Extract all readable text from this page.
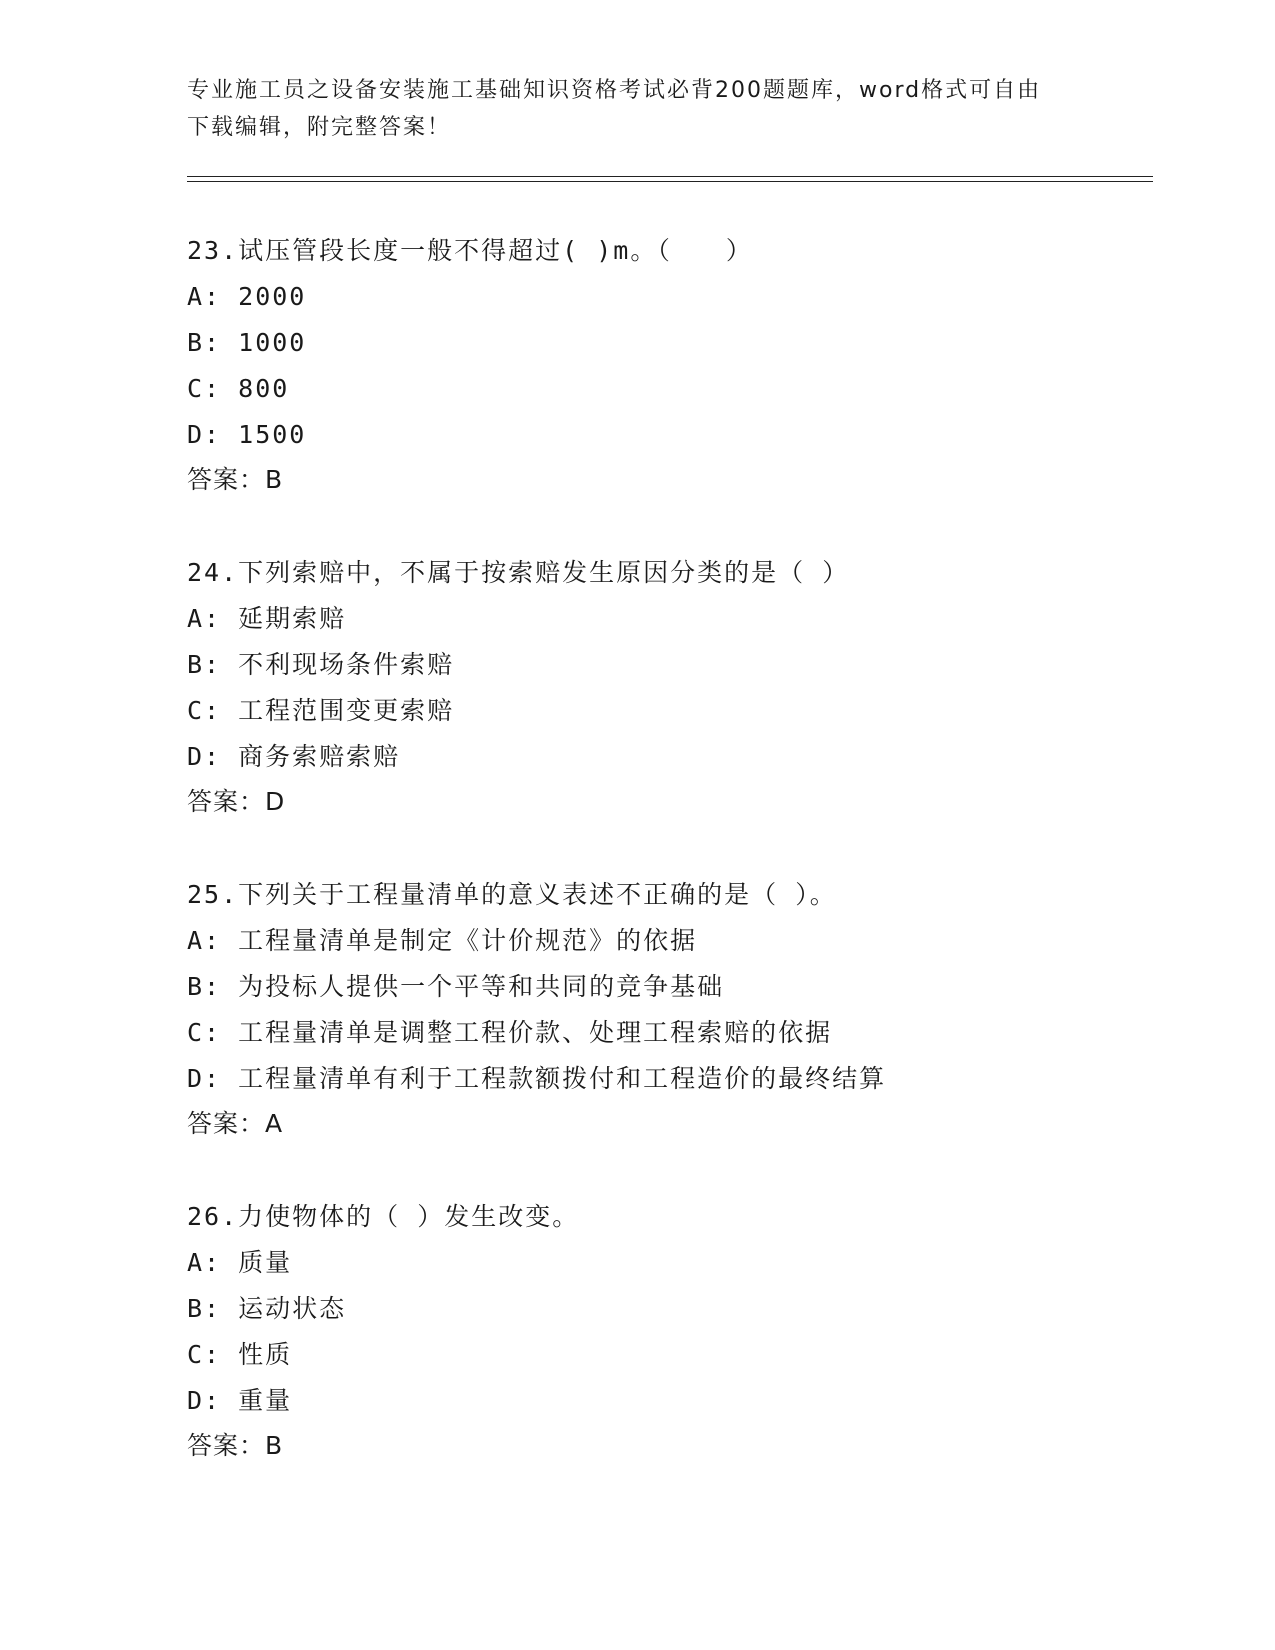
专业施工员之设备安装施工基础知识资格考试必背200题题库，word格式可自由
下载编辑，附完整答案！
23.试压管段长度一般不得超过( )m。（　　）
A: 2000
B: 1000
C: 800
D: 1500
答案：B
24.下列索赔中，不属于按索赔发生原因分类的是（ ）
A: 延期索赔
B: 不利现场条件索赔
C: 工程范围变更索赔
D: 商务索赔索赔
答案：D
25.下列关于工程量清单的意义表述不正确的是（ ）。
A: 工程量清单是制定《计价规范》的依据
B: 为投标人提供一个平等和共同的竞争基础
C: 工程量清单是调整工程价款、处理工程索赔的依据
D: 工程量清单有利于工程款额拨付和工程造价的最终结算
答案：A
26.力使物体的（ ）发生改变。
A: 质量
B: 运动状态
C: 性质
D: 重量
答案：B
